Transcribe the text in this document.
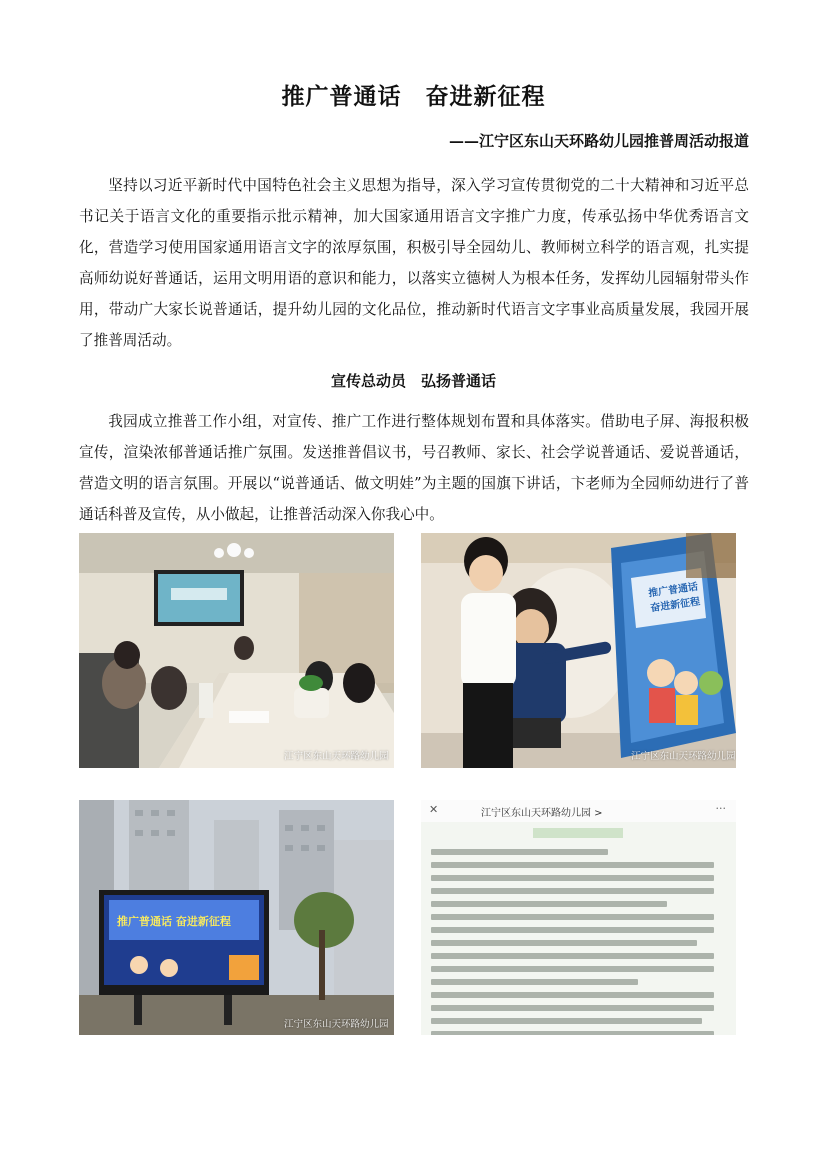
推广普通话　奋进新征程
——江宁区东山天环路幼儿园推普周活动报道

坚持以习近平新时代中国特色社会主义思想为指导，深入学习宣传贯彻党的二十大精神和习近平总书记关于语言文化的重要指示批示精神，加大国家通用语言文字推广力度，传承弘扬中华优秀语言文化，营造学习使用国家通用语言文字的浓厚氛围，积极引导全园幼儿、教师树立科学的语言观，扎实提高师幼说好普通话，运用文明用语的意识和能力，以落实立德树人为根本任务，发挥幼儿园辐射带头作用，带动广大家长说普通话，提升幼儿园的文化品位，推动新时代语言文字事业高质量发展，我园开展了推普周活动。

宣传总动员　弘扬普通话

我园成立推普工作小组，对宣传、推广工作进行整体规划布置和具体落实。借助电子屏、海报积极宣传，渲染浓郁普通话推广氛围。发送推普倡议书，号召教师、家长、社会学说普通话、爱说普通话，营造文明的语言氛围。开展以“说普通话、做文明娃”为主题的国旗下讲话，卞老师为全园师幼进行了普通话科普及宣传，从小做起，让推普活动深入你我心中。

江宁区东山天环路幼儿园	江宁区东山天环路幼儿园
推广普通话
奋进新征程
推广普通话 奋进新征程
江宁区东山天环路幼儿园
✕	江宁区东山天环路幼儿园 >	···
